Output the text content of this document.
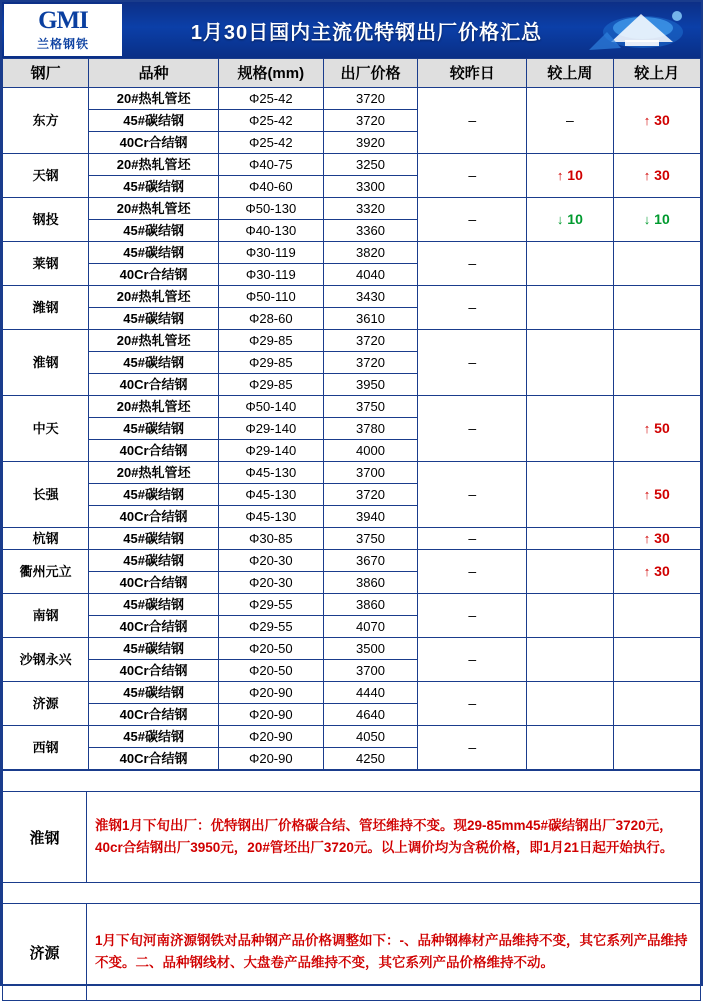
GMI
兰格钢铁
1月30日国内主流优特钢出厂价格汇总
钢厂	品种	规格(mm)	出厂价格	较昨日	较上周	较上月
东方	20#热轧管坯	Φ25-42	3720	–	–	↑ 30
	45#碳结钢	Φ25-42	3720			
	40Cr合结钢	Φ25-42	3920			
天钢	20#热轧管坯	Φ40-75	3250	–	↑ 10	↑ 30
	45#碳结钢	Φ40-60	3300			
钢投	20#热轧管坯	Φ50-130	3320	–	↓ 10	↓ 10
	45#碳结钢	Φ40-130	3360			
莱钢	45#碳结钢	Φ30-119	3820	–		
	40Cr合结钢	Φ30-119	4040			
潍钢	20#热轧管坯	Φ50-110	3430	–		
	45#碳结钢	Φ28-60	3610			
淮钢	20#热轧管坯	Φ29-85	3720	–		
	45#碳结钢	Φ29-85	3720			
	40Cr合结钢	Φ29-85	3950			
中天	20#热轧管坯	Φ50-140	3750	–		↑ 50
	45#碳结钢	Φ29-140	3780			
	40Cr合结钢	Φ29-140	4000			
长强	20#热轧管坯	Φ45-130	3700	–		↑ 50
	45#碳结钢	Φ45-130	3720			
	40Cr合结钢	Φ45-130	3940			
杭钢	45#碳结钢	Φ30-85	3750	–		↑ 30
衢州元立	45#碳结钢	Φ20-30	3670	–		↑ 30
	40Cr合结钢	Φ20-30	3860			
南钢	45#碳结钢	Φ29-55	3860	–		
	40Cr合结钢	Φ29-55	4070			
沙钢永兴	45#碳结钢	Φ20-50	3500	–		
	40Cr合结钢	Φ20-50	3700			
济源	45#碳结钢	Φ20-90	4440	–		
	40Cr合结钢	Φ20-90	4640			
西钢	45#碳结钢	Φ20-90	4050	–		
	40Cr合结钢	Φ20-90	4250			

淮钢	淮钢1月下旬出厂：优特钢出厂价格碳合结、管坯维持不变。现29-85mm45#碳结钢出厂3720元，40cr合结钢出厂3950元，20#管坯出厂3720元。以上调价均为含税价格，即1月21日起开始执行。

济源	1月下旬河南济源钢铁对品种钢产品价格调整如下：-、品种钢棒材产品维持不变，其它系列产品维持不变。二、品种钢线材、大盘卷产品维持不变，其它系列产品价格维持不动。
